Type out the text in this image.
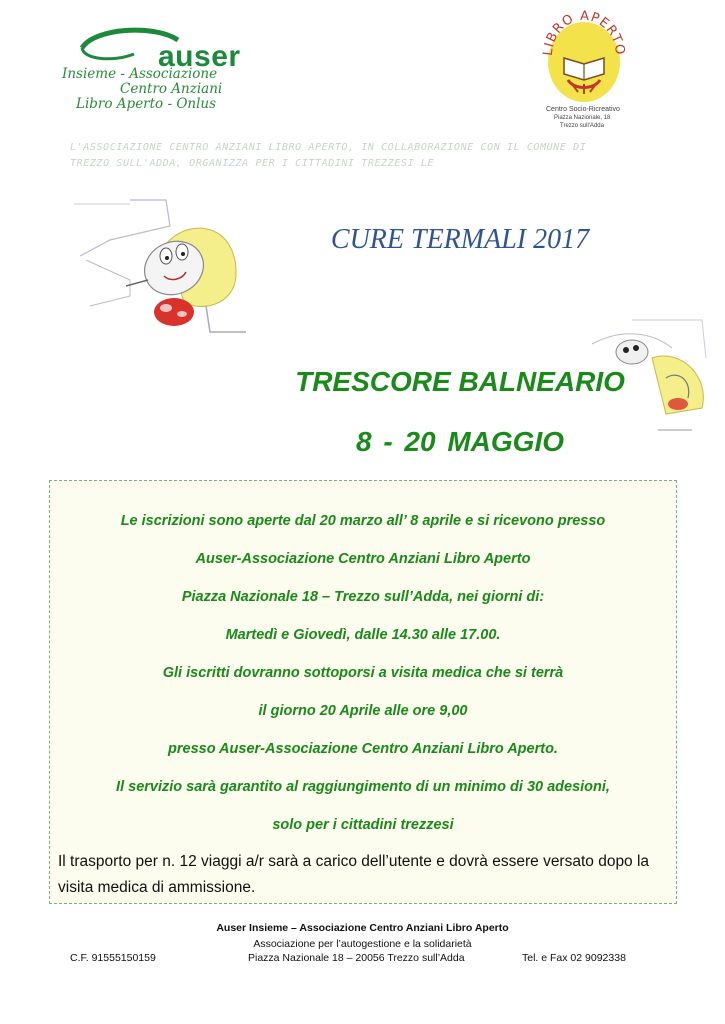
auser
Insieme - Associazione
Centro Anziani
Libro Aperto - Onlus
LIBRO APERTO
Centro Socio-Ricreativo
Piazza Nazionale, 18
Trezzo sull'Adda
L'ASSOCIAZIONE CENTRO ANZIANI LIBRO APERTO, IN COLLABORAZIONE CON IL COMUNE DI
TREZZO SULL'ADDA, ORGANIZZA PER I CITTADINI TREZZESI LE
CURE TERMALI 2017
TRESCORE BALNEARIO
8 - 20 MAGGIO
Le iscrizioni sono aperte dal 20 marzo all’ 8 aprile e si ricevono presso
Auser-Associazione Centro Anziani Libro Aperto
Piazza Nazionale 18 – Trezzo sull’Adda, nei giorni di:
Martedì e Giovedì, dalle 14.30 alle 17.00.
Gli iscritti dovranno sottoporsi a visita medica che si terrà
il giorno 20 Aprile alle ore 9,00
presso Auser-Associazione Centro Anziani Libro Aperto.
Il servizio sarà garantito al raggiungimento di un minimo di 30 adesioni,
solo per i cittadini trezzesi
Il trasporto per n. 12 viaggi a/r sarà a carico dell’utente e dovrà essere versato dopo la visita medica di ammissione.
Auser Insieme – Associazione Centro Anziani Libro Aperto
Associazione per l’autogestione e la solidarietà
C.F. 91555150159	Piazza Nazionale 18 – 20056 Trezzo sull’Adda	Tel. e Fax 02 9092338
